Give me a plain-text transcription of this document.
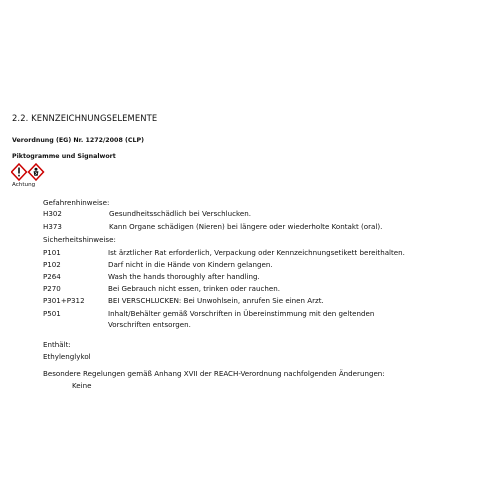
2.2. KENNZEICHNUNGSELEMENTE
Verordnung (EG) Nr. 1272/2008 (CLP)
Piktogramme und Signalwort
Achtung
Gefahrenhinweise:
H302	Gesundheitsschädlich bei Verschlucken.
H373	Kann Organe schädigen (Nieren) bei längere oder wiederholte Kontakt (oral).
Sicherheitshinweise:
P101	Ist ärztlicher Rat erforderlich, Verpackung oder Kennzeichnungsetikett bereithalten.
P102	Darf nicht in die Hände von Kindern gelangen.
P264	Wash the hands thoroughly after handling.
P270	Bei Gebrauch nicht essen, trinken oder rauchen.
P301+P312	BEI VERSCHLUCKEN: Bei Unwohlsein, anrufen Sie einen Arzt.
P501	Inhalt/Behälter gemäß Vorschriften in Übereinstimmung mit den geltenden
Vorschriften entsorgen.
Enthält:
Ethylenglykol
Besondere Regelungen gemäß Anhang XVII der REACH-Verordnung nachfolgenden Änderungen:
Keine
